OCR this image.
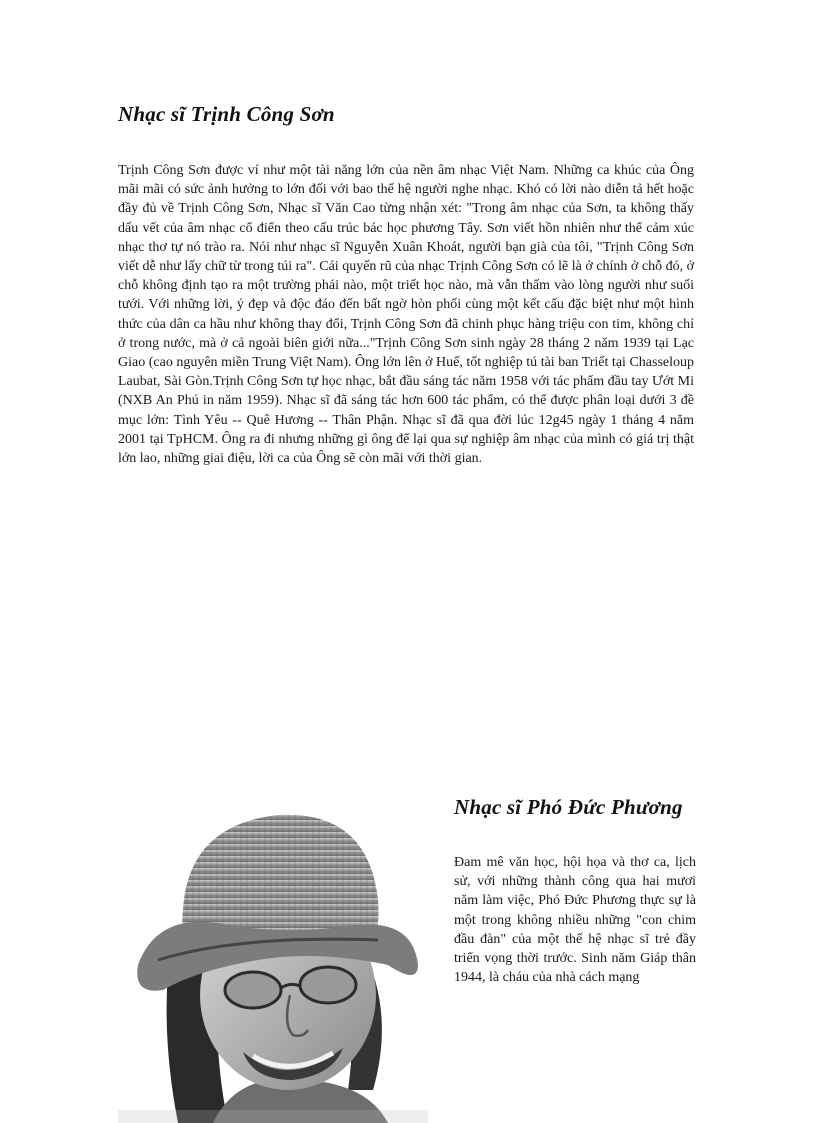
Nhạc sĩ Trịnh Công Sơn

Trịnh Công Sơn được ví như một tài năng lớn của nền âm nhạc Việt Nam. Những ca khúc của Ông mãi mãi có sức ảnh hưởng to lớn đối với bao thế hệ người nghe nhạc. Khó có lời nào diễn tả hết hoặc đầy đủ về Trịnh Công Sơn, Nhạc sĩ Văn Cao từng nhận xét: "Trong âm nhạc của Sơn, ta không thấy dấu vết của âm nhạc cổ điển theo cấu trúc bác học phương Tây. Sơn viết hồn nhiên như thể cảm xúc nhạc thơ tự nó trào ra. Nói như nhạc sĩ Nguyễn Xuân Khoát, người bạn già của tôi, "Trịnh Công Sơn viết dễ như lấy chữ từ trong túi ra". Cái quyến rũ của nhạc Trịnh Công Sơn có lẽ là ở chính ở chỗ đó, ở chỗ không định tạo ra một trường phái nào, một triết học nào, mà vẫn thấm vào lòng người như suối tưới. Với những lời, ý đẹp và độc đáo đến bất ngờ hòn phối cùng một kết cấu đặc biệt như một hình thức của dân ca hầu như không thay đổi, Trịnh Công Sơn đã chinh phục hàng triệu con tim, không chỉ ở trong nước, mà ở cả ngoài biên giới nữa..."Trịnh Công Sơn sinh ngày 28 tháng 2 năm 1939 tại Lạc Giao (cao nguyên miền Trung Việt Nam). Ông lớn lên ở Huế, tốt nghiệp tú tài ban Triết tại Chasseloup Laubat, Sài Gòn.Trịnh Công Sơn tự học nhạc, bắt đầu sáng tác năm 1958 với tác phẩm đầu tay Ướt Mi (NXB An Phú in năm 1959). Nhạc sĩ đã sáng tác hơn 600 tác phẩm, có thể được phân loại dưới 3 đề mục lớn: Tình Yêu -- Quê Hương -- Thân Phận. Nhạc sĩ đã qua đời lúc 12g45 ngày 1 tháng 4 năm 2001 tại TpHCM. Ông ra đi nhưng những gì ông để lại qua sự nghiệp âm nhạc của mình có giá trị thật lớn lao, những giai điệu, lời ca của Ông sẽ còn mãi với thời gian.

Nhạc sĩ Phó Đức Phương

Đam mê văn học, hội họa và thơ ca, lịch sử, với những thành công qua hai mươi năm làm việc, Phó Đức Phương thực sự là một trong không nhiều những "con chim đầu đàn" của một thế hệ nhạc sĩ trẻ đầy triển vọng thời trước. Sinh năm Giáp thân 1944, là cháu của nhà cách mạng
